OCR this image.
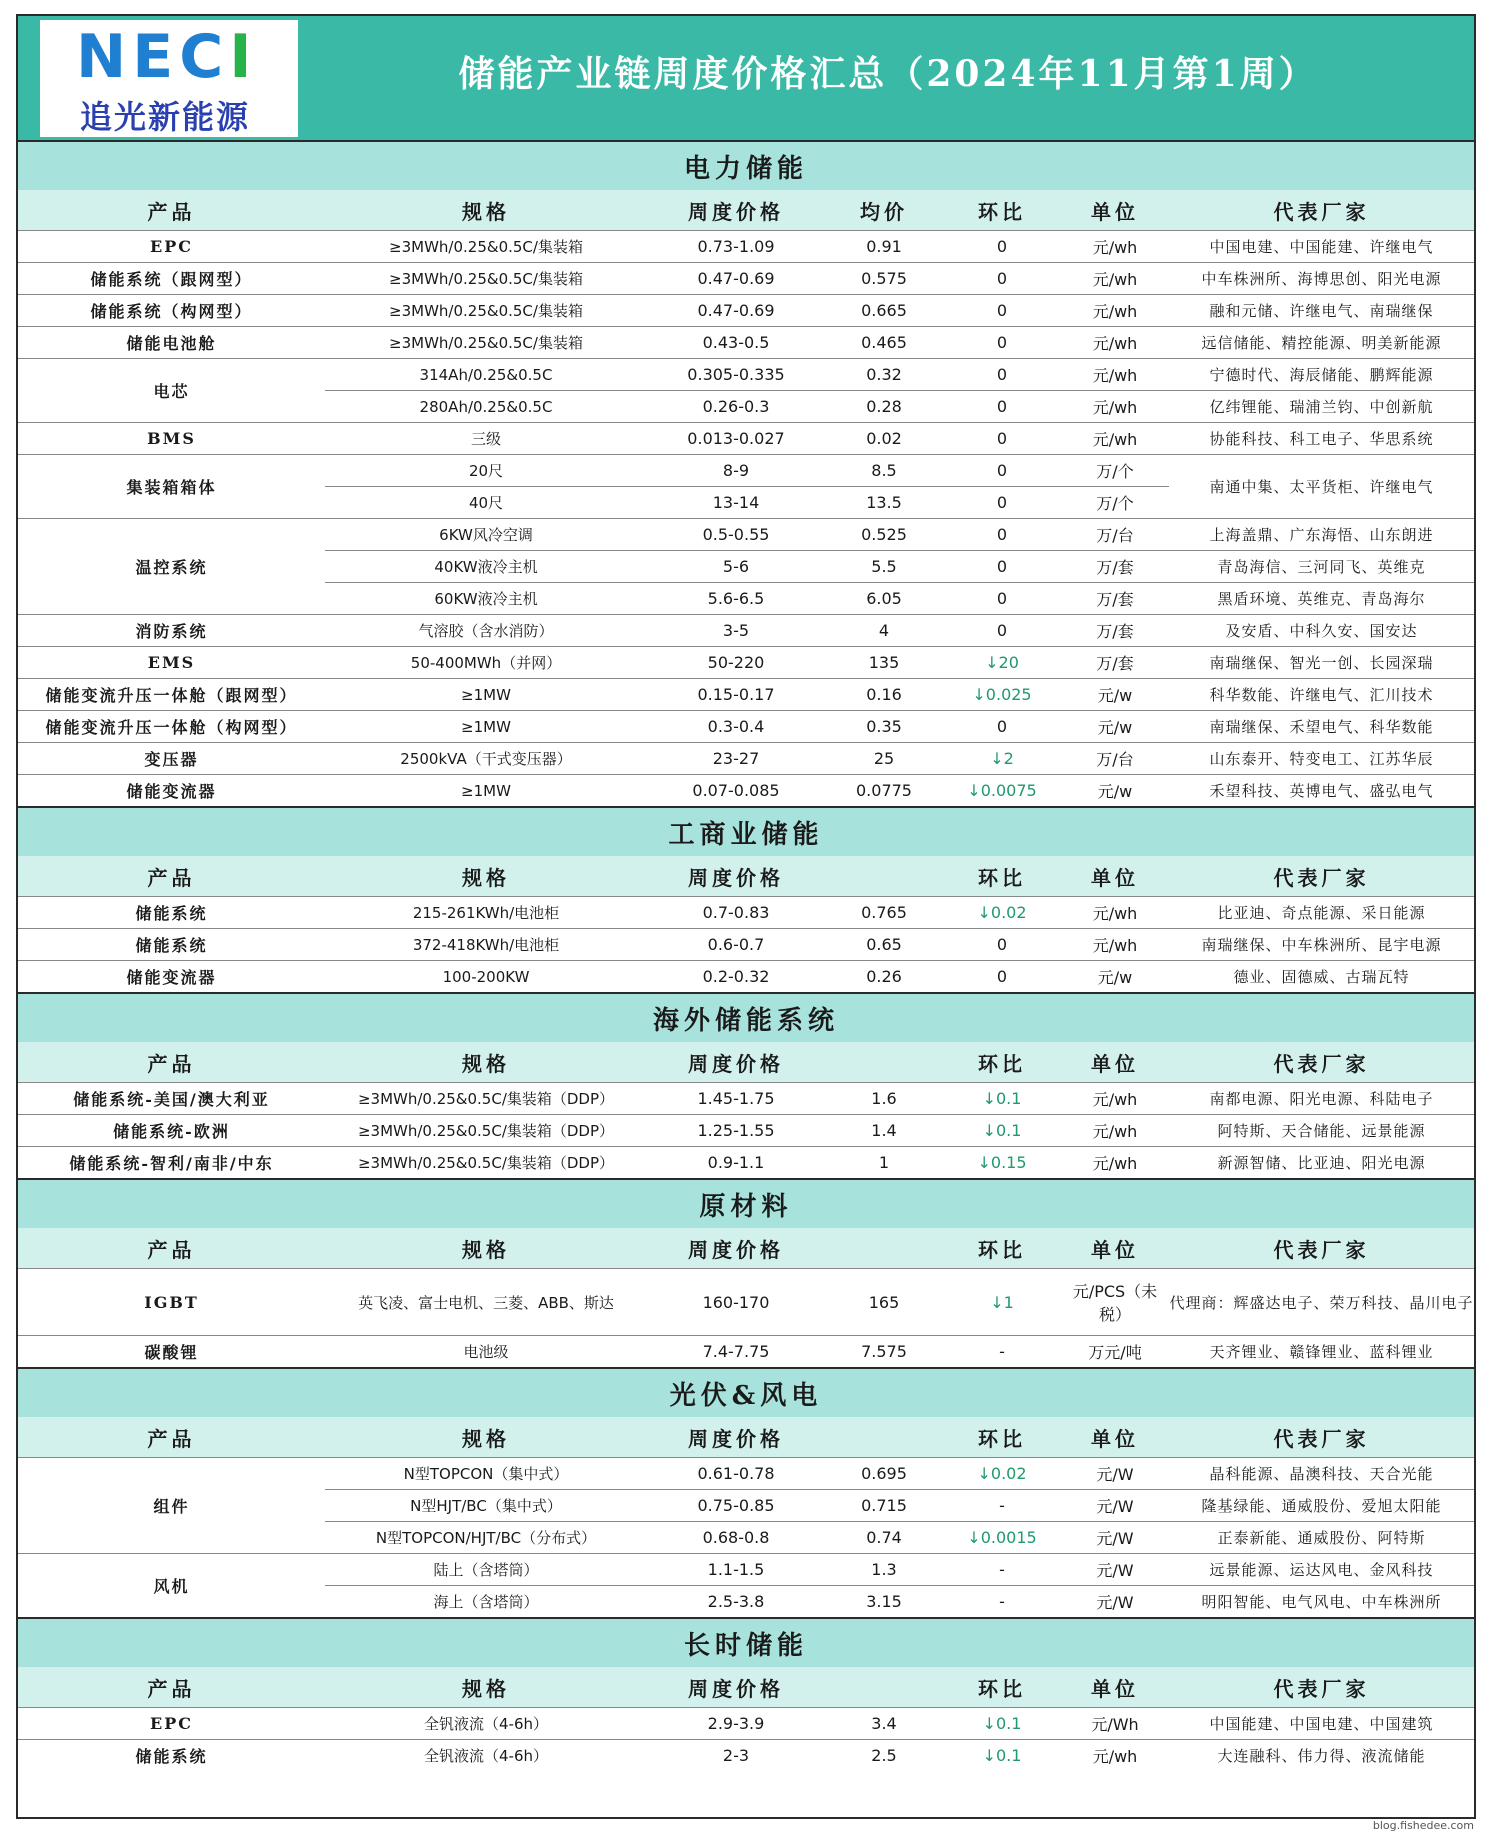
NECI
追光新能源
储能产业链周度价格汇总（2024年11月第1周）
电力储能						
产品	规格	周度价格	均价	环比	单位	代表厂家
EPC	≥3MWh/0.25&0.5C/集装箱	0.73-1.09	0.91	0	元/wh	中国电建、中国能建、许继电气
储能系统（跟网型）	≥3MWh/0.25&0.5C/集装箱	0.47-0.69	0.575	0	元/wh	中车株洲所、海博思创、阳光电源
储能系统（构网型）	≥3MWh/0.25&0.5C/集装箱	0.47-0.69	0.665	0	元/wh	融和元储、许继电气、南瑞继保
储能电池舱	≥3MWh/0.25&0.5C/集装箱	0.43-0.5	0.465	0	元/wh	远信储能、精控能源、明美新能源
电芯	314Ah/0.25&0.5C	0.305-0.335	0.32	0	元/wh	宁德时代、海辰储能、鹏辉能源
	280Ah/0.25&0.5C	0.26-0.3	0.28	0	元/wh	亿纬锂能、瑞浦兰钧、中创新航
BMS	三级	0.013-0.027	0.02	0	元/wh	协能科技、科工电子、华思系统
集装箱箱体	20尺	8-9	8.5	0	万/个	南通中集、太平货柜、许继电气
	40尺	13-14	13.5	0	万/个	
温控系统	6KW风冷空调	0.5-0.55	0.525	0	万/台	上海盖鼎、广东海悟、山东朗进
	40KW液冷主机	5-6	5.5	0	万/套	青岛海信、三河同飞、英维克
	60KW液冷主机	5.6-6.5	6.05	0	万/套	黑盾环境、英维克、青岛海尔
消防系统	气溶胶（含水消防）	3-5	4	0	万/套	及安盾、中科久安、国安达
EMS	50-400MWh（并网）	50-220	135	↓20	万/套	南瑞继保、智光一创、长园深瑞
储能变流升压一体舱（跟网型）	≥1MW	0.15-0.17	0.16	↓0.025	元/w	科华数能、许继电气、汇川技术
储能变流升压一体舱（构网型）	≥1MW	0.3-0.4	0.35	0	元/w	南瑞继保、禾望电气、科华数能
变压器	2500kVA（干式变压器）	23-27	25	↓2	万/台	山东泰开、特变电工、江苏华辰
储能变流器	≥1MW	0.07-0.085	0.0775	↓0.0075	元/w	禾望科技、英博电气、盛弘电气
工商业储能						
产品	规格	周度价格		环比	单位	代表厂家
储能系统	215-261KWh/电池柜	0.7-0.83	0.765	↓0.02	元/wh	比亚迪、奇点能源、采日能源
储能系统	372-418KWh/电池柜	0.6-0.7	0.65	0	元/wh	南瑞继保、中车株洲所、昆宇电源
储能变流器	100-200KW	0.2-0.32	0.26	0	元/w	德业、固德威、古瑞瓦特
海外储能系统						
产品	规格	周度价格		环比	单位	代表厂家
储能系统-美国/澳大利亚	≥3MWh/0.25&0.5C/集装箱（DDP）	1.45-1.75	1.6	↓0.1	元/wh	南都电源、阳光电源、科陆电子
储能系统-欧洲	≥3MWh/0.25&0.5C/集装箱（DDP）	1.25-1.55	1.4	↓0.1	元/wh	阿特斯、天合储能、远景能源
储能系统-智利/南非/中东	≥3MWh/0.25&0.5C/集装箱（DDP）	0.9-1.1	1	↓0.15	元/wh	新源智储、比亚迪、阳光电源
原材料						
产品	规格	周度价格		环比	单位	代表厂家
IGBT	英飞凌、富士电机、三菱、ABB、斯达	160-170	165	↓1	元/PCS（未税）	代理商：辉盛达电子、荣万科技、晶川电子
碳酸锂	电池级	7.4-7.75	7.575	-	万元/吨	天齐锂业、赣锋锂业、蓝科锂业
光伏&风电						
产品	规格	周度价格		环比	单位	代表厂家
组件	N型TOPCON（集中式）	0.61-0.78	0.695	↓0.02	元/W	晶科能源、晶澳科技、天合光能
	N型HJT/BC（集中式）	0.75-0.85	0.715	-	元/W	隆基绿能、通威股份、爱旭太阳能
	N型TOPCON/HJT/BC（分布式）	0.68-0.8	0.74	↓0.0015	元/W	正泰新能、通威股份、阿特斯
风机	陆上（含塔筒）	1.1-1.5	1.3	-	元/W	远景能源、运达风电、金风科技
	海上（含塔筒）	2.5-3.8	3.15	-	元/W	明阳智能、电气风电、中车株洲所
长时储能						
产品	规格	周度价格		环比	单位	代表厂家
EPC	全钒液流（4-6h）	2.9-3.9	3.4	↓0.1	元/Wh	中国能建、中国电建、中国建筑
储能系统	全钒液流（4-6h）	2-3	2.5	↓0.1	元/wh	大连融科、伟力得、液流储能
blog.fishedee.com
